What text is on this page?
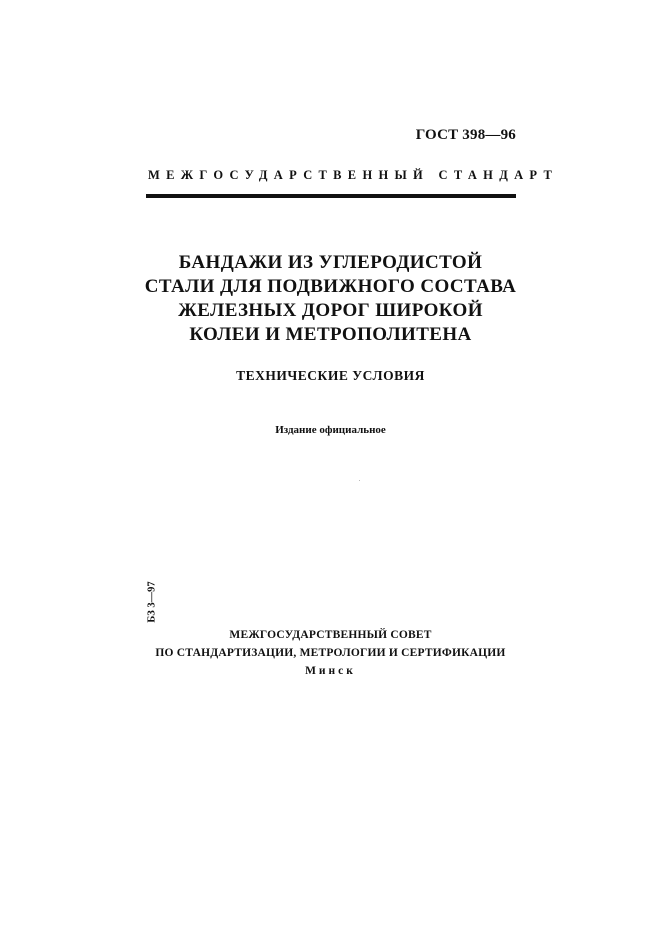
ГОСТ 398—96
МЕЖГОСУДАРСТВЕННЫЙ СТАНДАРТ
БАНДАЖИ ИЗ УГЛЕРОДИСТОЙ
СТАЛИ ДЛЯ ПОДВИЖНОГО СОСТАВА
ЖЕЛЕЗНЫХ ДОРОГ ШИРОКОЙ
КОЛЕИ И МЕТРОПОЛИТЕНА
ТЕХНИЧЕСКИЕ УСЛОВИЯ
Издание официальное
БЗ 3—97
МЕЖГОСУДАРСТВЕННЫЙ СОВЕТ
ПО СТАНДАРТИЗАЦИИ, МЕТРОЛОГИИ И СЕРТИФИКАЦИИ
Минск
